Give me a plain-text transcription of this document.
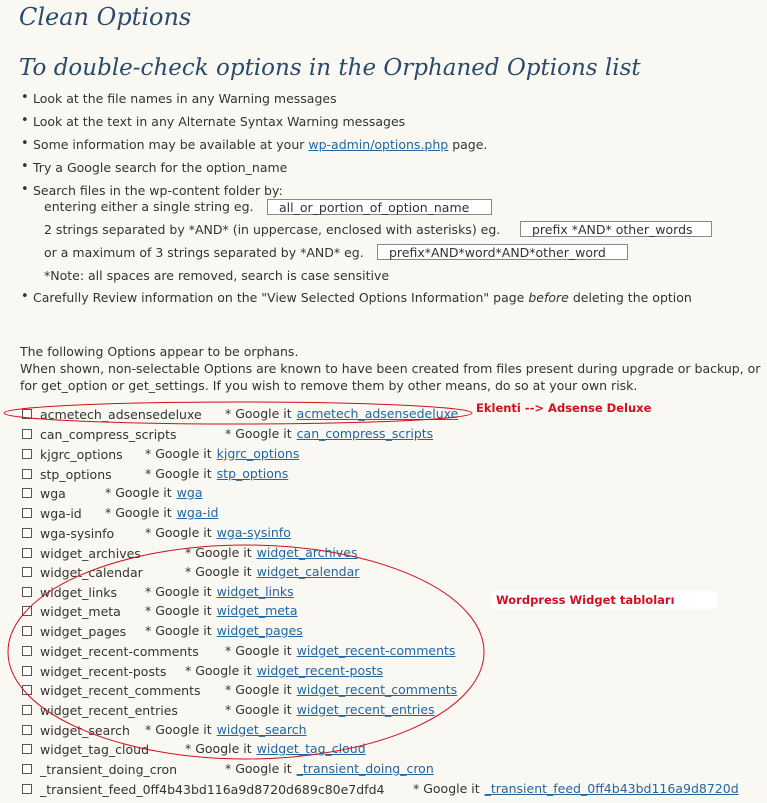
Clean Options
To double-check options in the Orphaned Options list
• Look at the file names in any Warning messages
• Look at the text in any Alternate Syntax Warning messages
• Some information may be available at your wp-admin/options.php page.
• Try a Google search for the option_name
• Search files in the wp-content folder by:
entering either a single string eg.	all_or_portion_of_option_name
2 strings separated by *AND* (in uppercase, enclosed with asterisks) eg.	prefix *AND* other_words
or a maximum of 3 strings separated by *AND* eg.	prefix*AND*word*AND*other_word
*Note: all spaces are removed, search is case sensitive
• Carefully Review information on the "View Selected Options Information" page before deleting the option
The following Options appear to be orphans.
When shown, non-selectable Options are known to have been created from files present during upgrade or backup, or
for get_option or get_settings. If you wish to remove them by other means, do so at your own risk.
acmetech_adsensedeluxe * Google it acmetech_adsensedeluxe
can_compress_scripts	* Google it can_compress_scripts
kjgrc_options * Google it kjgrc_options
stp_options	* Google it stp_options
wga	* Google it wga
wga-id * Google it wga-id
wga-sysinfo * Google it wga-sysinfo
widget_archives	* Google it widget_archives
widget_calendar	* Google it widget_calendar
widget_links * Google it widget_links
widget_meta * Google it widget_meta
widget_pages * Google it widget_pages
widget_recent-comments * Google it widget_recent-comments
widget_recent-posts * Google it widget_recent-posts
widget_recent_comments * Google it widget_recent_comments
widget_recent_entries	* Google it widget_recent_entries
widget_search * Google it widget_search
widget_tag_cloud	* Google it widget_tag_cloud
_transient_doing_cron	* Google it _transient_doing_cron
_transient_feed_0ff4b43bd116a9d8720d689c80e7dfd4 * Google it _transient_feed_0ff4b43bd116a9d8720d
Eklenti --> Adsense Deluxe
Wordpress Widget tabloları
